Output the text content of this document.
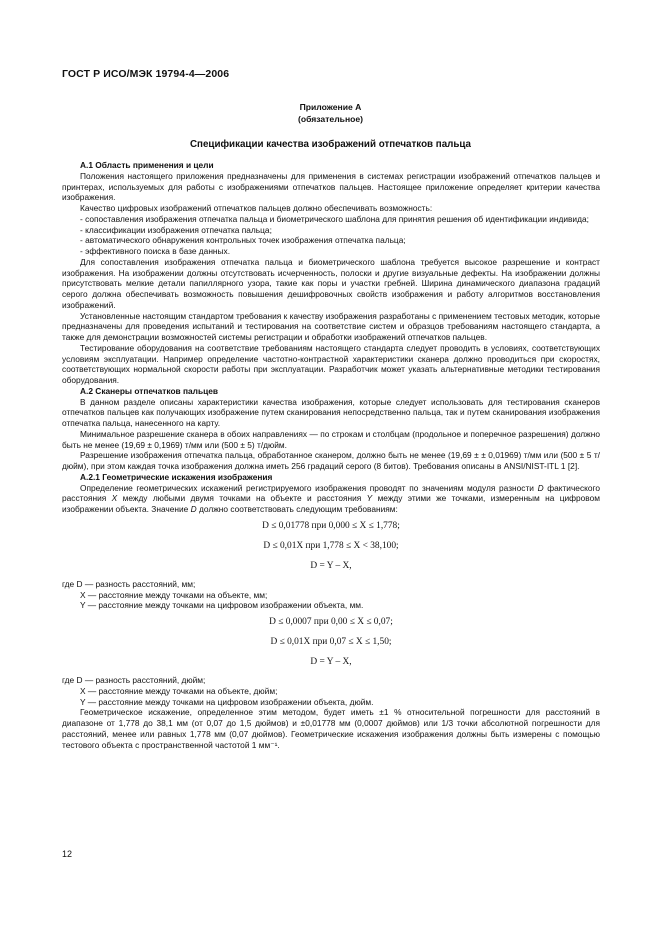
ГОСТ Р ИСО/МЭК 19794-4—2006
Приложение А
(обязательное)
Спецификации качества изображений отпечатков пальца

А.1 Область применения и цели

Положения настоящего приложения предназначены для применения в системах регистрации изображений отпечатков пальцев и принтерах, используемых для работы с изображениями отпечатков пальцев. Настоящее приложение определяет критерии качества изображения.

Качество цифровых изображений отпечатков пальцев должно обеспечивать возможность:

- сопоставления изображения отпечатка пальца и биометрического шаблона для принятия решения об идентификации индивида;

- классификации изображения отпечатка пальца;

- автоматического обнаружения контрольных точек изображения отпечатка пальца;

- эффективного поиска в базе данных.

Для сопоставления изображения отпечатка пальца и биометрического шаблона требуется высокое разрешение и контраст изображения. На изображении должны отсутствовать исчерченность, полоски и другие визуальные дефекты. На изображении должны присутствовать мелкие детали папиллярного узора, такие как поры и участки гребней. Ширина динамического диапазона градаций серого должна обеспечивать возможность повышения дешифровочных свойств изображения и работу алгоритмов восстановления изображений.

Установленные настоящим стандартом требования к качеству изображения разработаны с применением тестовых методик, которые предназначены для проведения испытаний и тестирования на соответствие систем и образцов требованиям настоящего стандарта, а также для демонстрации возможностей системы регистрации и обработки изображений отпечатков пальцев.

Тестирование оборудования на соответствие требованиям настоящего стандарта следует проводить в условиях, соответствующих условиям эксплуатации. Например определение частотно-контрастной характеристики сканера должно проводиться при скоростях, соответствующих нормальной скорости работы при эксплуатации. Разработчик может указать альтернативные методики тестирования оборудования.

А.2 Сканеры отпечатков пальцев

В данном разделе описаны характеристики качества изображения, которые следует использовать для тестирования сканеров отпечатков пальцев как получающих изображение путем сканирования непосредственно пальца, так и путем сканирования изображения отпечатка пальца, нанесенного на карту.

Минимальное разрешение сканера в обоих направлениях — по строкам и столбцам (продольное и поперечное разрешения) должно быть не менее (19,69 ± 0,1969) т/мм или (500 ± 5) т/дюйм.

Разрешение изображения отпечатка пальца, обработанное сканером, должно быть не менее (19,69 ± ± 0,01969) т/мм или (500 ± 5 т/дюйм), при этом каждая точка изображения должна иметь 256 градаций серого (8 битов). Требования описаны в ANSI/NIST-ITL 1 [2].

А.2.1 Геометрические искажения изображения

Определение геометрических искажений регистрируемого изображения проводят по значениям модуля разности D фактического расстояния X между любыми двумя точками на объекте и расстояния Y между этими же точками, измеренным на цифровом изображении объекта. Значение D должно соответствовать следующим требованиям:

D ≤ 0,01778 при 0,000 ≤ X ≤ 1,778;

D ≤ 0,01X при 1,778 ≤ X < 38,100;

D = Y – X,

где D — разность расстояний, мм;

X — расстояние между точками на объекте, мм;

Y — расстояние между точками на цифровом изображении объекта, мм.

D ≤ 0,0007 при 0,00 ≤ X ≤ 0,07;

D ≤ 0,01X при 0,07 ≤ X ≤ 1,50;

D = Y – X,

где D — разность расстояний, дюйм;

X — расстояние между точками на объекте, дюйм;

Y — расстояние между точками на цифровом изображении объекта, дюйм.

Геометрическое искажение, определенное этим методом, будет иметь ±1 % относительной погрешности для расстояний в диапазоне от 1,778 до 38,1 мм (от 0,07 до 1,5 дюймов) и ±0,01778 мм (0,0007 дюймов) или 1/3 точки абсолютной погрешности для расстояний, менее или равных 1,778 мм (0,07 дюймов). Геометрические искажения изображения должны быть измерены с помощью тестового объекта с пространственной частотой 1 мм⁻¹.

12
